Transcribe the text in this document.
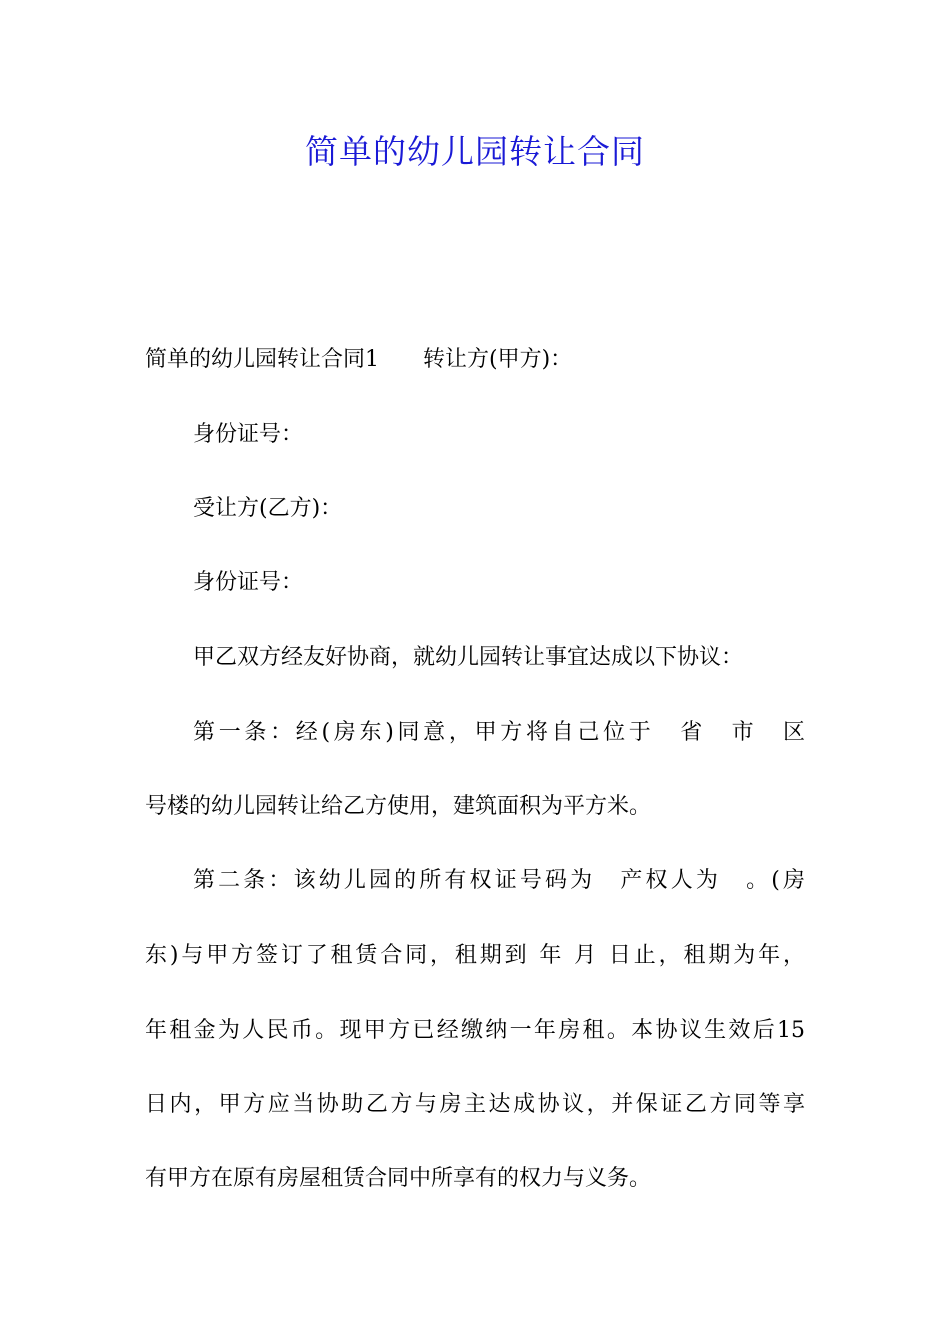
简单的幼儿园转让合同
简单的幼儿园转让合同1　　转让方(甲方)：
身份证号：
受让方(乙方)：
身份证号：
甲乙双方经友好协商，就幼儿园转让事宜达成以下协议：
第一条：经(房东)同意，甲方将自己位于　省　市　区
号楼的幼儿园转让给乙方使用，建筑面积为平方米。
第二条：该幼儿园的所有权证号码为　产权人为　。(房
东)与甲方签订了租赁合同，租期到 年 月 日止，租期为年，
年租金为人民币。现甲方已经缴纳一年房租。本协议生效后15
日内，甲方应当协助乙方与房主达成协议，并保证乙方同等享
有甲方在原有房屋租赁合同中所享有的权力与义务。
